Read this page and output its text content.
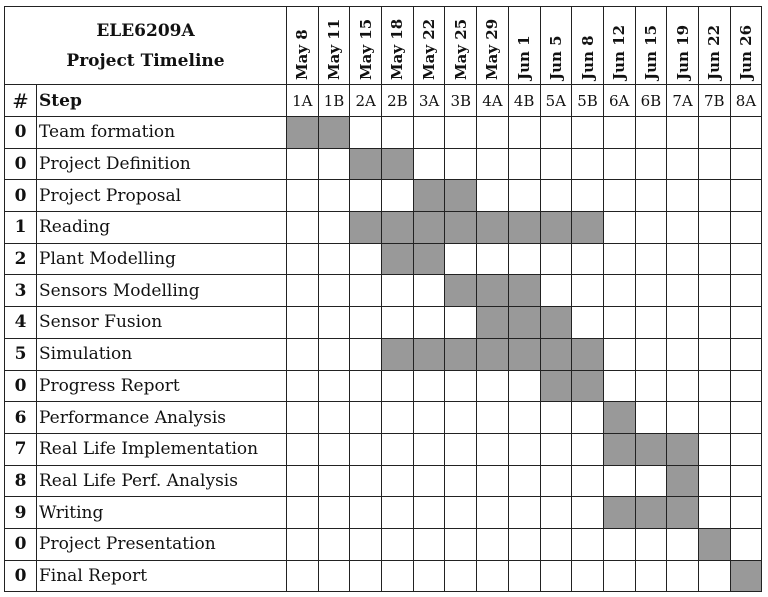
ELE6209A
Project Timeline		May 8	May 11	May 15	May 18	May 22	May 25	May 29	Jun 1	Jun 5	Jun 8	Jun 12	Jun 15	Jun 19	Jun 22	Jun 26

#	Step	1A	1B	2A	2B	3A	3B	4A	4B	5A	5B	6A	6B	7A	7B	8A
0	Team formation															
0	Project Definition															
0	Project Proposal															
1	Reading															
2	Plant Modelling															
3	Sensors Modelling															
4	Sensor Fusion															
5	Simulation															
0	Progress Report															
6	Performance Analysis															
7	Real Life Implementation															
8	Real Life Perf. Analysis															
9	Writing															
0	Project Presentation															
0	Final Report															
